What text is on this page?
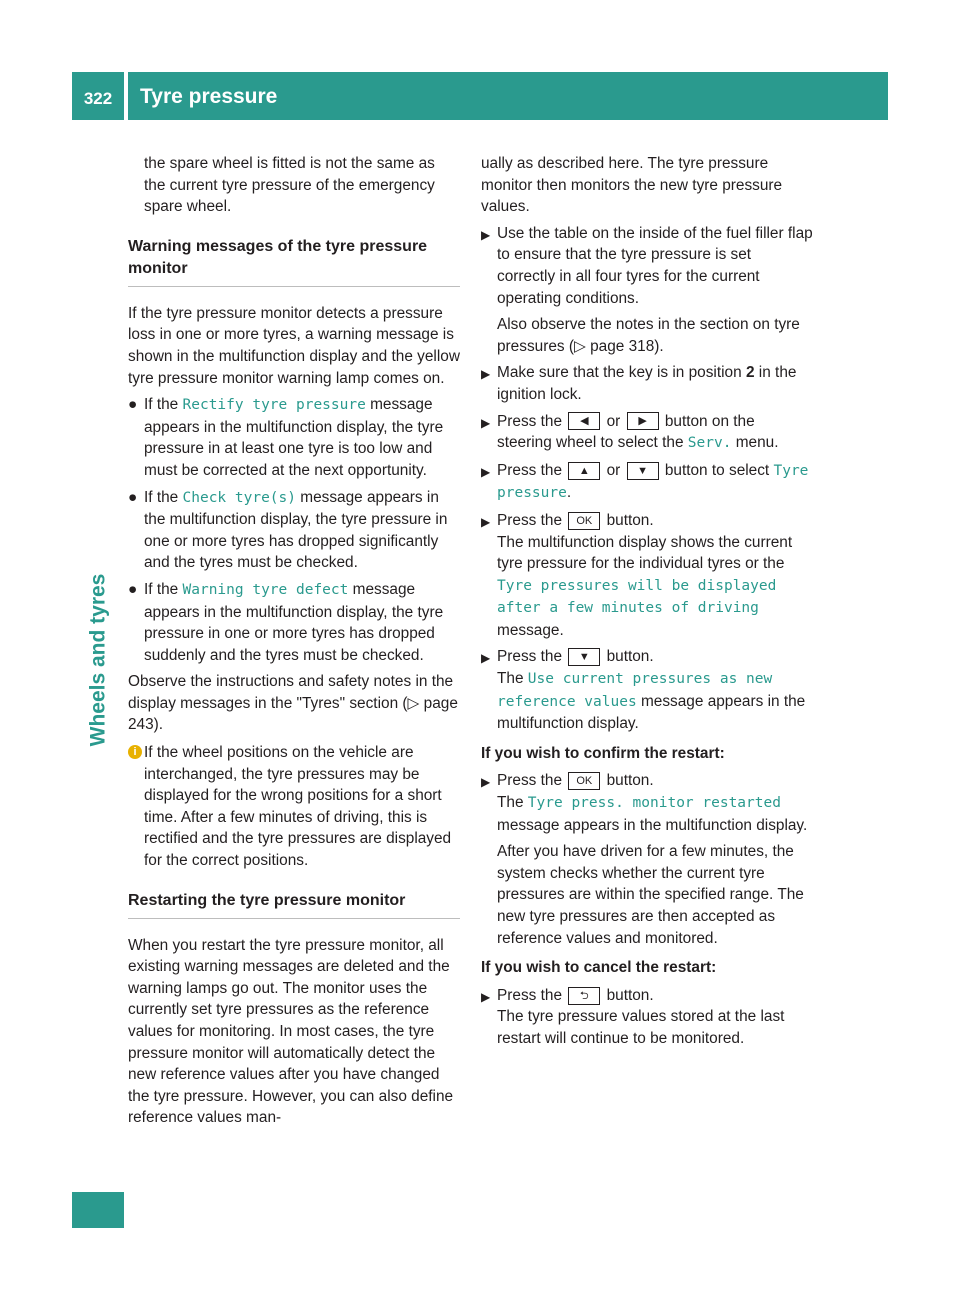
322	Tyre pressure
Wheels and tyres

the spare wheel is fitted is not the same as the current tyre pressure of the emergency spare wheel.

Warning messages of the tyre pressure monitor

If the tyre pressure monitor detects a pressure loss in one or more tyres, a warning message is shown in the multifunction display and the yellow tyre pressure monitor warning lamp comes on.

● If the Rectify tyre pressure message appears in the multifunction display, the tyre pressure in at least one tyre is too low and must be corrected at the next opportunity.
● If the Check tyre(s) message appears in the multifunction display, the tyre pressure in one or more tyres has dropped significantly and the tyres must be checked.
● If the Warning tyre defect message appears in the multifunction display, the tyre pressure in one or more tyres has dropped suddenly and the tyres must be checked.

Observe the instructions and safety notes in the display messages in the "Tyres" section (▷ page 243).

i If the wheel positions on the vehicle are interchanged, the tyre pressures may be displayed for the wrong positions for a short time. After a few minutes of driving, this is rectified and the tyre pressures are displayed for the correct positions.
Restarting the tyre pressure monitor

When you restart the tyre pressure monitor, all existing warning messages are deleted and the warning lamps go out. The monitor uses the currently set tyre pressures as the reference values for monitoring. In most cases, the tyre pressure monitor will automatically detect the new reference values after you have changed the tyre pressure. However, you can also define reference values man-

ually as described here. The tyre pressure monitor then monitors the new tyre pressure values.

▶ Use the table on the inside of the fuel filler flap to ensure that the tyre pressure is set correctly in all four tyres for the current operating conditions.

Also observe the notes in the section on tyre pressures (▷ page 318).

▶ Make sure that the key is in position 2 in the ignition lock.
▶ Press the ◀ or ▶ button on the steering wheel to select the Serv. menu.
▶ Press the ▲ or ▼ button to select Tyre pressure.
▶ Press the OK button.
The multifunction display shows the current tyre pressure for the individual tyres or the Tyre pressures will be displayed after a few minutes of driving message.
▶ Press the ▼ button.
The Use current pressures as new reference values message appears in the multifunction display.
If you wish to confirm the restart:
▶ Press the OK button.
The Tyre press. monitor restarted message appears in the multifunction display.

After you have driven for a few minutes, the system checks whether the current tyre pressures are within the specified range. The new tyre pressures are then accepted as reference values and monitored.

If you wish to cancel the restart:
▶ Press the ⮌ button.
The tyre pressure values stored at the last restart will continue to be monitored.
